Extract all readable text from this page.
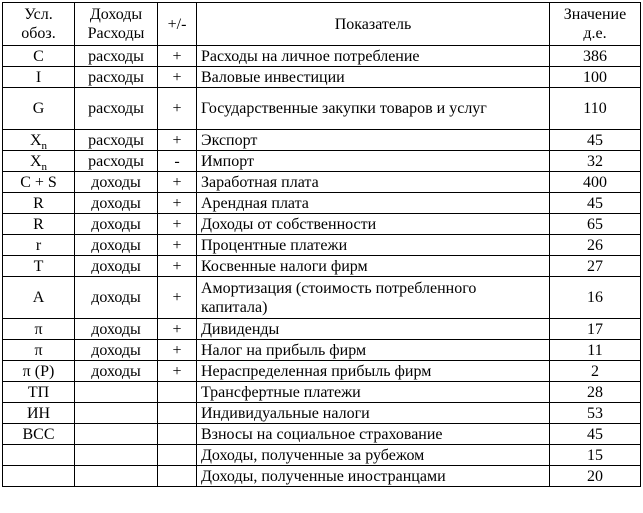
Усл. обоз.	Доходы Расходы	+/-	Показатель	Значение д.е.
C	расходы	+	Расходы на личное потребление	386
I	расходы	+	Валовые инвестиции	100
G	расходы	+	Государственные закупки товаров и услуг	110
$X_n$	расходы	+	Экспорт	45
$X_n$	расходы	-	Импорт	32
C + S	доходы	+	Заработная плата	400
R	доходы	+	Арендная плата	45
R	доходы	+	Доходы от собственности	65
r	доходы	+	Процентные платежи	26
T	доходы	+	Косвенные налоги фирм	27
A	доходы	+	Амортизация (стоимость потребленного капитала)	16
π	доходы	+	Дивиденды	17
π	доходы	+	Налог на прибыль фирм	11
π (P)	доходы	+	Нераспределенная прибыль фирм	2
ТП			Трансфертные платежи	28
ИН			Индивидуальные налоги	53
ВСС			Взносы на социальное страхование	45
			Доходы, полученные за рубежом	15
			Доходы, полученные иностранцами	20
